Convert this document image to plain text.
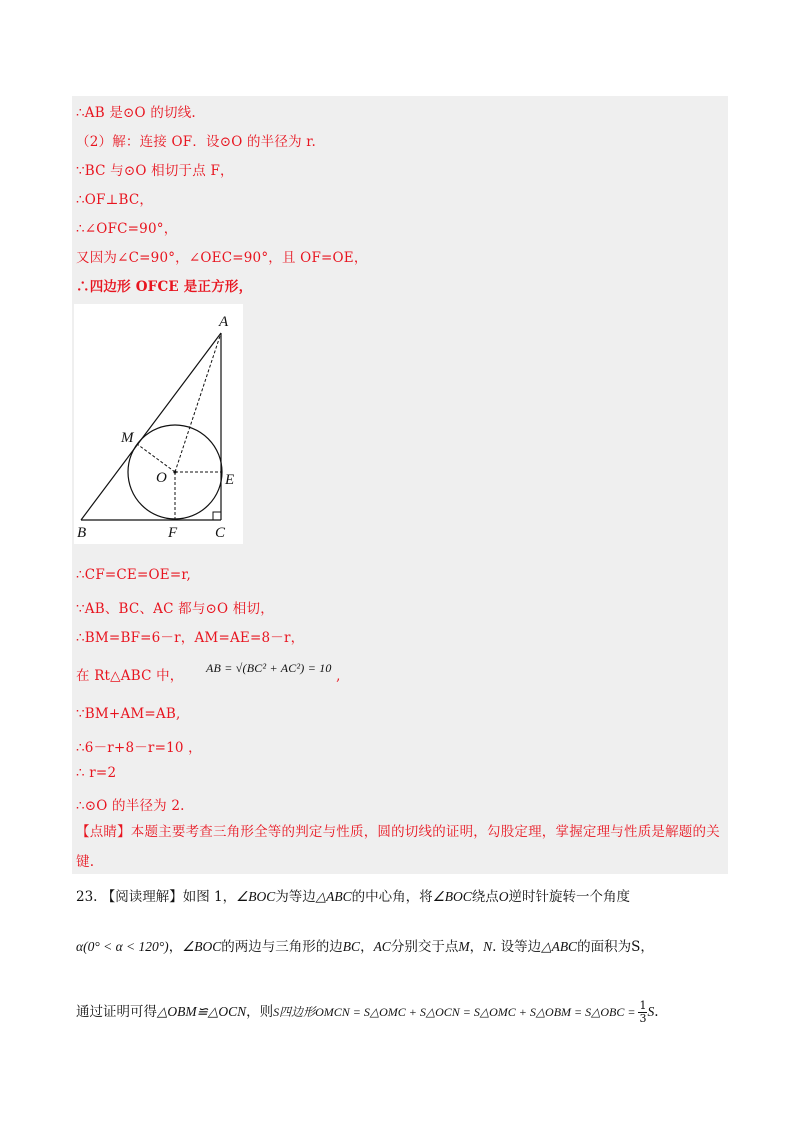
∴AB 是⊙O 的切线.
（2）解：连接 OF．设⊙O 的半径为 r.
∵BC 与⊙O 相切于点 F，
∴OF⊥BC，
∴∠OFC=90°，
又因为∠C=90°，∠OEC=90°，且 OF=OE，
∴四边形 OFCE 是正方形，
A
M
O	E
B	F	C
∴CF=CE=OE=r,
∵AB、BC、AC 都与⊙O 相切，
∴BM=BF=6－r，AM=AE=8－r，
在 Rt△ABC 中， AB = √(BC² + AC²) = 10 ,
∵BM+AM=AB,
∴6－r+8－r=10 ，
∴ r=2
∴⊙O 的半径为 2.
【点睛】本题主要考查三角形全等的判定与性质，圆的切线的证明，勾股定理，掌握定理与性质是解题的关键.
23. 【阅读理解】如图 1，∠BOC为等边△ABC的中心角，将∠BOC绕点O逆时针旋转一个角度
α(0° < α < 120°)，∠BOC的两边与三角形的边BC，AC分别交于点M，N. 设等边△ABC的面积为S，
通过证明可得△OBM≌△OCN，则S四边形OMCN = S△OMC + S△OCN = S△OMC + S△OBM = S△OBC = $\frac{1}{3} S$.
